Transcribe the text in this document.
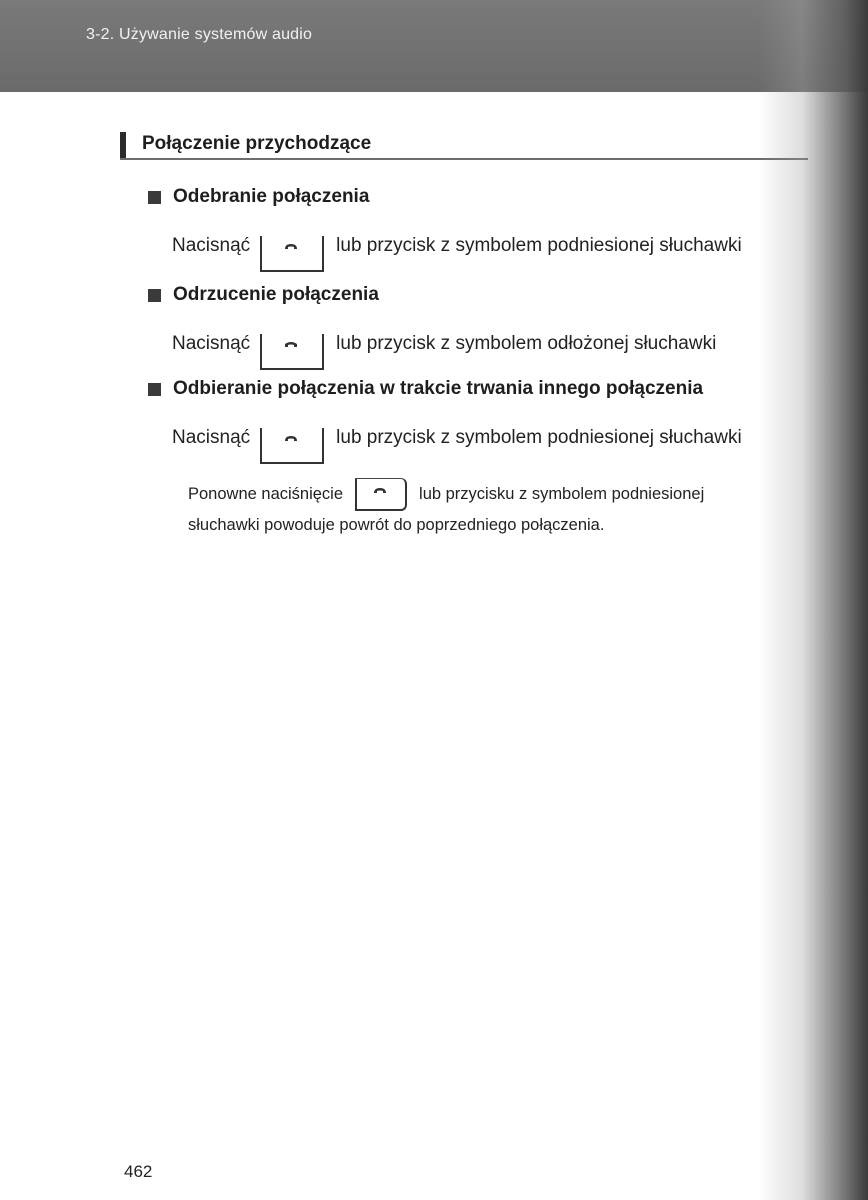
3-2. Używanie systemów audio
Połączenie przychodzące
Odebranie połączenia
Nacisnąć	lub przycisk z symbolem podniesionej słuchawki
Odrzucenie połączenia
Nacisnąć	lub przycisk z symbolem odłożonej słuchawki
Odbieranie połączenia w trakcie trwania innego połączenia
Nacisnąć	lub przycisk z symbolem podniesionej słuchawki
Ponowne naciśnięcie	lub przycisku z symbolem podniesionej
słuchawki powoduje powrót do poprzedniego połączenia.
462
